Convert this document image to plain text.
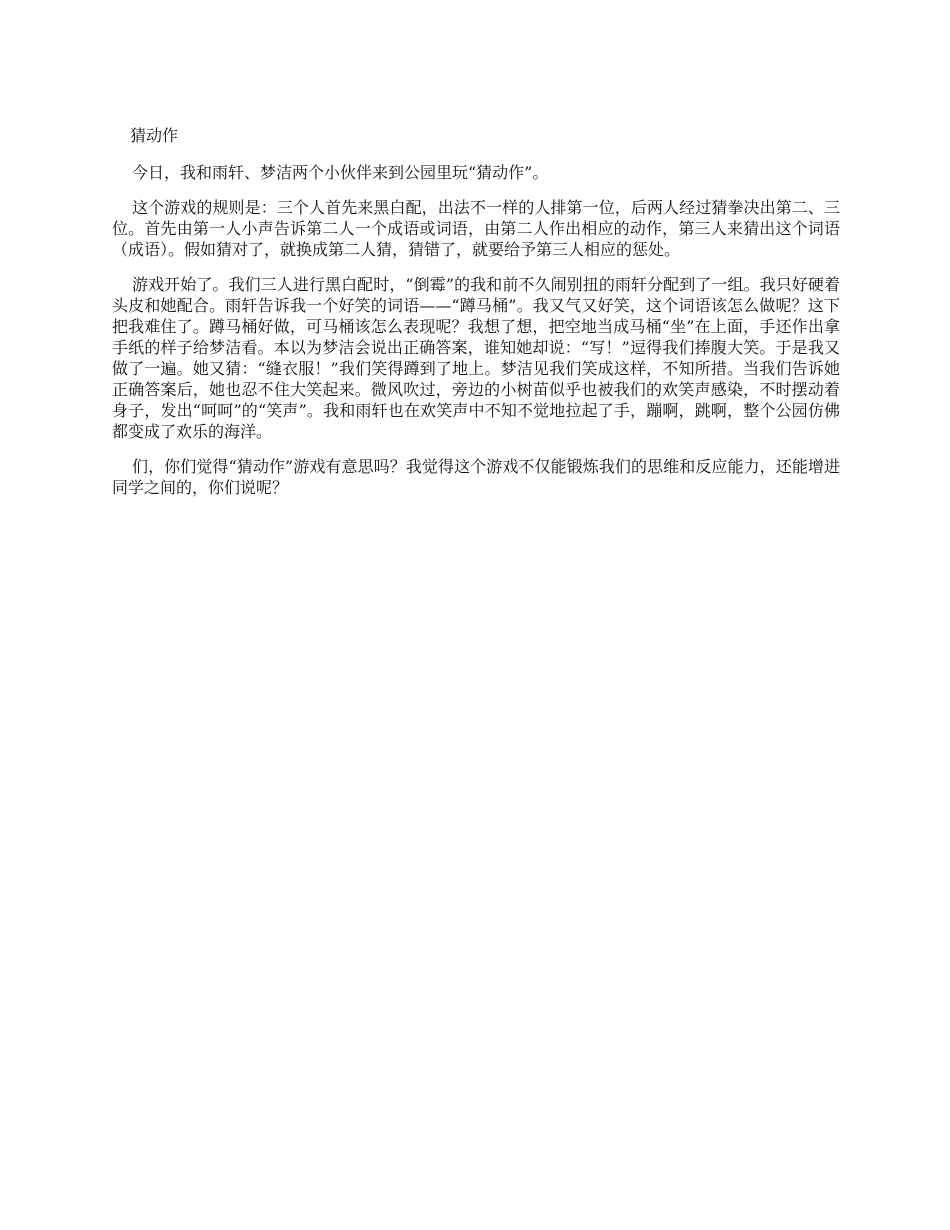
猜动作

今日，我和雨轩、梦洁两个小伙伴来到公园里玩“猜动作”。

这个游戏的规则是：三个人首先来黑白配，出法不一样的人排第一位，后两人经过猜拳决出第二、三位。首先由第一人小声告诉第二人一个成语或词语，由第二人作出相应的动作，第三人来猜出这个词语（成语）。假如猜对了，就换成第二人猜，猜错了，就要给予第三人相应的惩处。

游戏开始了。我们三人进行黑白配时，“倒霉”的我和前不久闹别扭的雨轩分配到了一组。我只好硬着头皮和她配合。雨轩告诉我一个好笑的词语——“蹲马桶”。我又气又好笑，这个词语该怎么做呢？这下把我难住了。蹲马桶好做，可马桶该怎么表现呢？我想了想，把空地当成马桶“坐”在上面，手还作出拿手纸的样子给梦洁看。本以为梦洁会说出正确答案，谁知她却说：“写！”逗得我们捧腹大笑。于是我又做了一遍。她又猜：“缝衣服！”我们笑得蹲到了地上。梦洁见我们笑成这样，不知所措。当我们告诉她正确答案后，她也忍不住大笑起来。微风吹过，旁边的小树苗似乎也被我们的欢笑声感染，不时摆动着身子，发出“呵呵”的“笑声”。我和雨轩也在欢笑声中不知不觉地拉起了手，蹦啊，跳啊，整个公园仿佛都变成了欢乐的海洋。

们，你们觉得“猜动作”游戏有意思吗？我觉得这个游戏不仅能锻炼我们的思维和反应能力，还能增进同学之间的，你们说呢？
